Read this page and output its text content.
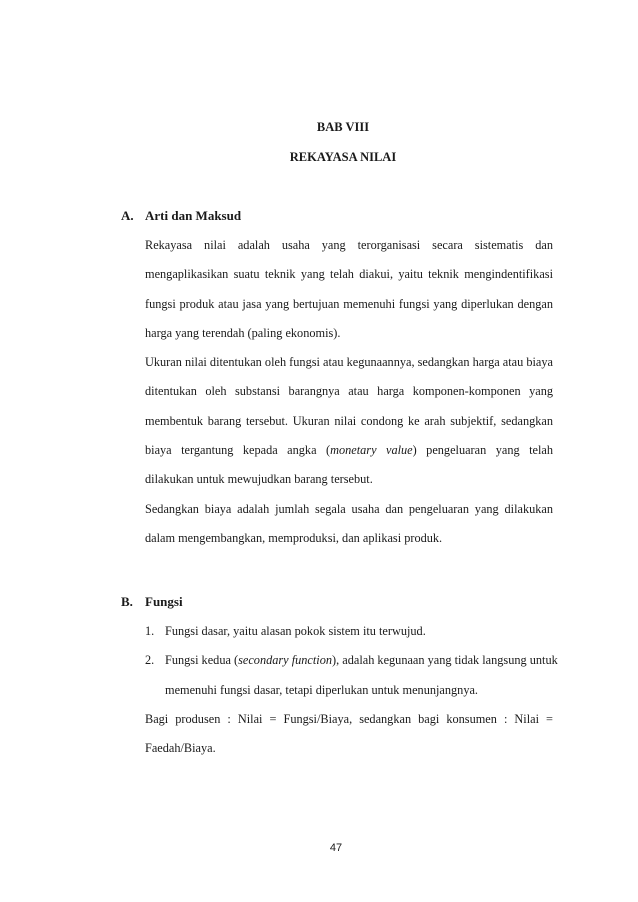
BAB VIII

REKAYASA NILAI

A. Arti dan Maksud

Rekayasa nilai adalah usaha yang terorganisasi secara sistematis dan mengaplikasikan suatu teknik yang telah diakui, yaitu teknik mengindentifikasi fungsi produk atau jasa yang bertujuan memenuhi fungsi yang diperlukan dengan harga yang terendah (paling ekonomis).

Ukuran nilai ditentukan oleh fungsi atau kegunaannya, sedangkan harga atau biaya ditentukan oleh substansi barangnya atau harga komponen-komponen yang membentuk barang tersebut. Ukuran nilai condong ke arah subjektif, sedangkan biaya tergantung kepada angka (monetary value) pengeluaran yang telah dilakukan untuk mewujudkan barang tersebut.

Sedangkan biaya adalah jumlah segala usaha dan pengeluaran yang dilakukan dalam mengembangkan, memproduksi, dan aplikasi produk.

B. Fungsi

1. Fungsi dasar, yaitu alasan pokok sistem itu terwujud.
2. Fungsi kedua (secondary function), adalah kegunaan yang tidak langsung untuk memenuhi fungsi dasar, tetapi diperlukan untuk menunjangnya.

Bagi produsen : Nilai = Fungsi/Biaya, sedangkan bagi konsumen : Nilai = Faedah/Biaya.

47
